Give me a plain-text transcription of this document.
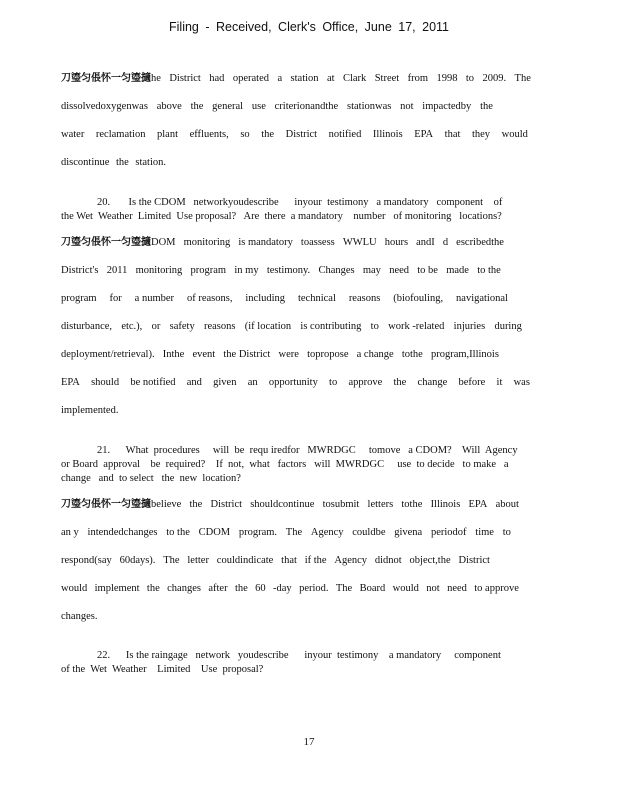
Filing - Received, Clerk's Office, June 17, 2011
刀瑬匀倀怀一匀瑬擿he District had operated a station at Clark Street from 1998 to 2009. The
dissolvedoxygenwas above the general use criterionandthe stationwas not impactedby the
water reclamation plant effluents, so the District notified Illinois EPA that they would
discontinue the station.
20.       Is the CDOM   networkyoudescribe      inyour  testimony   a mandatory   component    of
the Wet  Weather  Limited  Use proposal?   Are  there  a mandatory    number   of monitoring   locations?
刀瑬匀倀怀一匀瑬擿DOM monitoring is mandatory toassess WWLU hours andI d escribedthe
District's 2011 monitoring program in my testimony. Changes may need to be made to the
program for a number of reasons, including technical reasons (biofouling, navigational
disturbance, etc.), or safety reasons (if location is contributing to work -related injuries during
deployment/retrieval). Inthe event the District were topropose a change tothe program,Illinois
EPA should be notified and given an opportunity to approve the change before it was
implemented.
21.      What  procedures     will  be  requ iredfor   MWRDGC     tomove   a CDOM?    Will  Agency
or Board  approval    be  required?    If  not,  what   factors   will  MWRDGC     use  to decide   to make   a
change   and  to select   the  new  location?
刀瑬匀倀怀一匀瑬擿believe the District shouldcontinue tosubmit letters tothe Illinois EPA about
an y intendedchanges to the CDOM program. The Agency couldbe givena periodof time to
respond(say 60days). The letter couldindicate that if the Agency didnot object,the District
would implement the changes after the 60 -day period. The Board would not need to approve
changes.
22.      Is the raingage   network   youdescribe      inyour  testimony    a mandatory     component
of the  Wet  Weather    Limited    Use  proposal?
17
